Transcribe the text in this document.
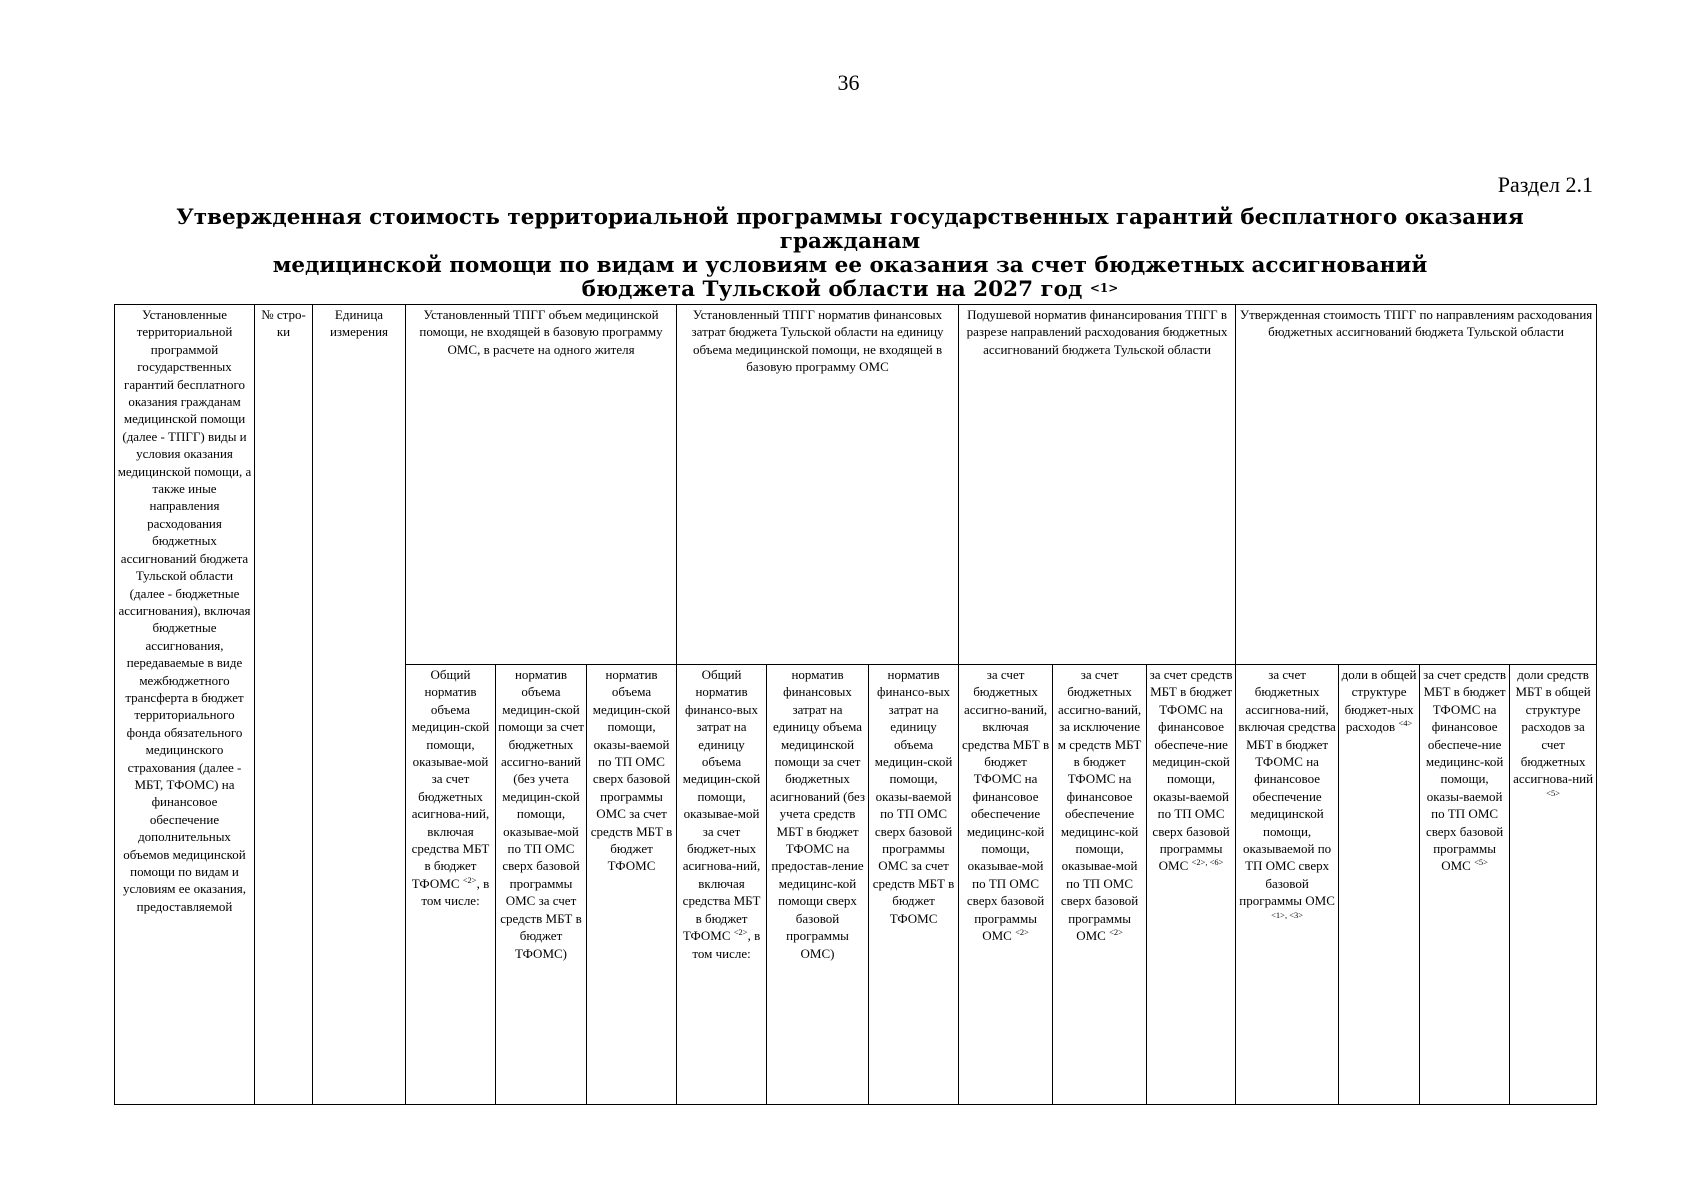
36
Раздел 2.1
Утвержденная стоимость территориальной программы государственных гарантий бесплатного оказания гражданам
медицинской помощи по видам и условиям ее оказания за счет бюджетных ассигнований
бюджета Тульской области на 2027 год $^{<1>}$
Установленные территориальной программой государственных гарантий бесплатного оказания гражданам медицинской помощи (далее - ТПГГ) виды и условия оказания медицинской помощи, а также иные направления расходования бюджетных ассигнований бюджета Тульской области (далее - бюджетные ассигнования), включая бюджетные ассигнования, передаваемые в виде межбюджетного трансферта в бюджет территориального фонда обязательного медицинского страхования (далее - МБТ, ТФОМС) на финансовое обеспечение дополнительных объемов медицинской помощи по видам и условиям ее оказания, предоставляемой	№ стро-ки	Единица измерения	Установленный ТПГГ объем медицинской помощи, не входящей в базовую программу ОМС, в расчете на одного жителя			Установленный ТПГГ норматив финансовых затрат бюджета Тульской области на единицу объема медицинской помощи, не входящей в базовую программу ОМС			Подушевой норматив финансирования ТПГГ в разрезе направлений расходования бюджетных ассигнований бюджета Тульской области			Утвержденная стоимость ТПГГ по направлениям расходования бюджетных ассигнований бюджета Тульской области			
			Общий норматив объема медицин-ской помощи, оказывае-мой за счет бюджетных асигнова-ний, включая средства МБТ в бюджет ТФОМС $^{<2>}$, в том числе:	норматив объема медицин-ской помощи за счет бюджетных ассигно-ваний (без учета медицин-ской помощи, оказывае-мой по ТП ОМС сверх базовой программы ОМС за счет средств МБТ в бюджет ТФОМС)	норматив объема медицин-ской помощи, оказы-ваемой по ТП ОМС сверх базовой программы ОМС за счет средств МБТ в бюджет ТФОМС	Общий норматив финансо-вых затрат на единицу объема медицин-ской помощи, оказывае-мой за счет бюджет-ных асигнова-ний, включая средства МБТ в бюджет ТФОМС $^{<2>}$, в том числе:	норматив финансовых затрат на единицу объема медицинской помощи за счет бюджетных асигнований (без учета средств МБТ в бюджет ТФОМС на предостав-ление медицинс-кой помощи сверх базовой программы ОМС)	норматив финансо-вых затрат на единицу объема медицин-ской помощи, оказы-ваемой по ТП ОМС сверх базовой программы ОМС за счет средств МБТ в бюджет ТФОМС	за счет бюджетных ассигно-ваний, включая средства МБТ в бюджет ТФОМС на финансовое обеспечение медицинс-кой помощи, оказывае-мой по ТП ОМС сверх базовой программы ОМС $^{<2>}$	за счет бюджетных ассигно-ваний, за исключение м средств МБТ в бюджет ТФОМС на финансовое обеспечение медицинс-кой помощи, оказывае-мой по ТП ОМС сверх базовой программы ОМС $^{<2>}$	за счет средств МБТ в бюджет ТФОМС на финансовое обеспече-ние медицин-ской помощи, оказы-ваемой по ТП ОМС сверх базовой программы ОМС $^{<2>, <6>}$	за счет бюджетных ассигнова-ний, включая средства МБТ в бюджет ТФОМС на финансовое обеспечение медицинской помощи, оказываемой по ТП ОМС сверх базовой программы ОМС $^{<1>, <3>}$	доли в общей структуре бюджет-ных расходов $^{<4>}$	за счет средств МБТ в бюджет ТФОМС на финансовое обеспече-ние медицинс-кой помощи, оказы-ваемой по ТП ОМС сверх базовой программы ОМС $^{<5>}$	доли средств МБТ в общей структуре расходов за счет бюджетных ассигнова-ний $^{<5>}$
